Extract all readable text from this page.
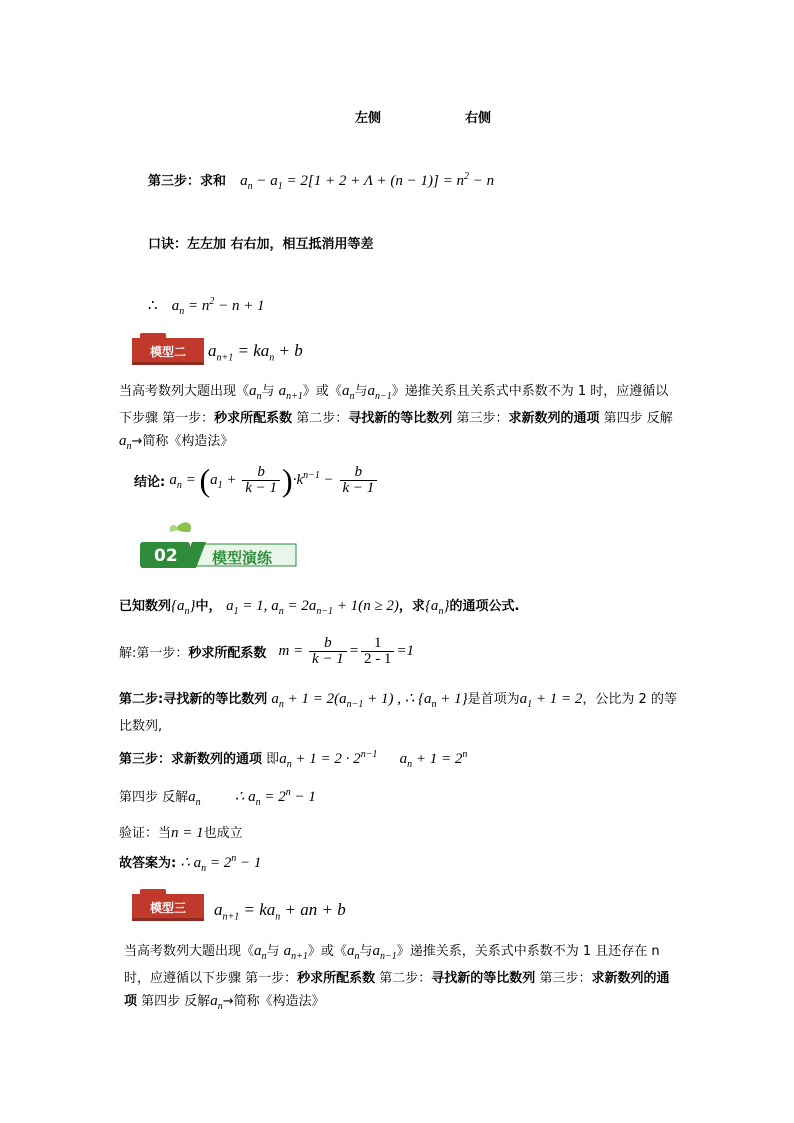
左侧	右侧
第三步：求和 $a_n - a_1 = 2[1 + 2 + \Lambda + (n - 1)] = n^2 - n$
口诀：左左加 右右加，相互抵消用等差
∴ $a_n = n^2 - n + 1$
模型二 $a_{n+1} = ka_n + b$
当高考数列大题出现《$a_n$与 $a_{n+1}$》或《$a_n$与$a_{n-1}$》递推关系且关系式中系数不为 1 时，应遵循以下步骤 第一步：秒求所配系数 第二步：寻找新的等比数列 第三步：求新数列的通项 第四步 反解$a_n\to$简称《构造法》
结论: $a_n = (a_1 + \frac{b}{k - 1} )\cdot k^{n-1} - \frac{b}{k - 1}$
02 模型演练
已知数列$\{a_n\}$中， $a_1 = 1$, $a_n = 2a_{n-1} + 1(n \ge 2)$，求$\{a_n\}$的通项公式.
解:第一步：秒求所配系数 $m = \frac{b}{k - 1} = \frac{1}{2 - 1} =1$
第二步:寻找新的等比数列 $a_n + 1 = 2(a_{n-1} + 1)$ , ∴ $\{a_n + 1\}$是首项为$a_1 + 1 = 2$，公比为 2 的等比数列,
第三步：求新数列的通项 即$a_n + 1 = 2 \cdot 2^{n-1}$ $a_n + 1 = 2^n$
第四步 反解$a_n$ ∴ $a_n = 2^n - 1$
验证：当n = 1也成立
故答案为: ∴ $a_n = 2^n - 1$
模型三 $a_{n+1} = ka_n$ + an + b
当高考数列大题出现《$a_n$与 $a_{n+1}$》或《$a_n$与$a_{n-1}$》递推关系，关系式中系数不为 1 且还存在 n 时，应遵循以下步骤 第一步：秒求所配系数 第二步：寻找新的等比数列 第三步：求新数列的通项 第四步 反解$a_n\to$简称《构造法》
